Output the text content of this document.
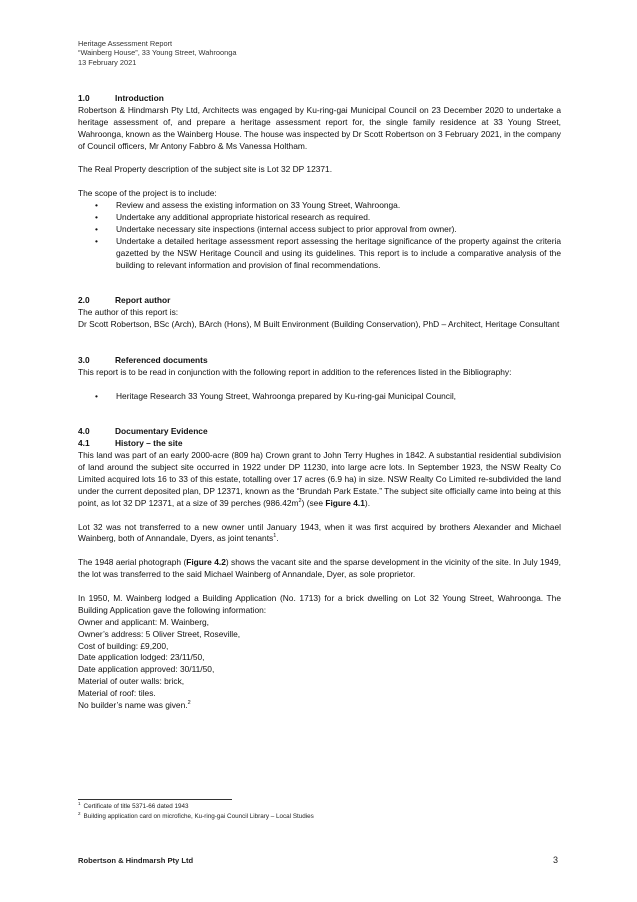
Heritage Assessment Report
“Wainberg House”, 33 Young Street, Wahroonga
13 February 2021
1.0	Introduction

Robertson & Hindmarsh Pty Ltd, Architects was engaged by Ku-ring-gai Municipal Council on 23 December 2020 to undertake a heritage assessment of, and prepare a heritage assessment report for, the single family residence at 33 Young Street, Wahroonga, known as the Wainberg House. The house was inspected by Dr Scott Robertson on 3 February 2021, in the company of Council officers, Mr Antony Fabbro & Ms Vanessa Holtham.

The Real Property description of the subject site is Lot 32 DP 12371.

The scope of the project is to include:

• Review and assess the existing information on 33 Young Street, Wahroonga.
• Undertake any additional appropriate historical research as required.
• Undertake necessary site inspections (internal access subject to prior approval from owner).
• Undertake a detailed heritage assessment report assessing the heritage significance of the property against the criteria gazetted by the NSW Heritage Council and using its guidelines. This report is to include a comparative analysis of the building to relevant information and provision of final recommendations.
2.0	Report author

The author of this report is:

Dr Scott Robertson, BSc (Arch), BArch (Hons), M Built Environment (Building Conservation), PhD – Architect, Heritage Consultant

3.0	Referenced documents

This report is to be read in conjunction with the following report in addition to the references listed in the Bibliography:

• Heritage Research 33 Young Street, Wahroonga prepared by Ku-ring-gai Municipal Council,
4.0	Documentary Evidence
4.1	History – the site

This land was part of an early 2000-acre (809 ha) Crown grant to John Terry Hughes in 1842. A substantial residential subdivision of land around the subject site occurred in 1922 under DP 11230, into large acre lots. In September 1923, the NSW Realty Co Limited acquired lots 16 to 33 of this estate, totalling over 17 acres (6.9 ha) in size. NSW Realty Co Limited re-subdivided the land under the current deposited plan, DP 12371, known as the “Brundah Park Estate.” The subject site officially came into being at this point, as lot 32 DP 12371, at a size of 39 perches $(986.42m^2)$ (see Figure 4.1).

Lot 32 was not transferred to a new owner until January 1943, when it was first acquired by brothers Alexander and Michael Wainberg, both of Annandale, Dyers, as joint tenants$^1$.

The 1948 aerial photograph (Figure 4.2) shows the vacant site and the sparse development in the vicinity of the site. In July 1949, the lot was transferred to the said Michael Wainberg of Annandale, Dyer, as sole proprietor.

In 1950, M. Wainberg lodged a Building Application (No. 1713) for a brick dwelling on Lot 32 Young Street, Wahroonga. The Building Application gave the following information:

Owner and applicant: M. Wainberg,
Owner’s address: 5 Oliver Street, Roseville,
Cost of building: £9,200,
Date application lodged: 23/11/50,
Date application approved: 30/11/50,
Material of outer walls: brick,
Material of roof: tiles.
No builder’s name was given.$^2$
$^1$ Certificate of title 5371-66 dated 1943
$^2$ Building application card on microfiche, Ku-ring-gai Council Library – Local Studies
Robertson & Hindmarsh Pty Ltd	3
